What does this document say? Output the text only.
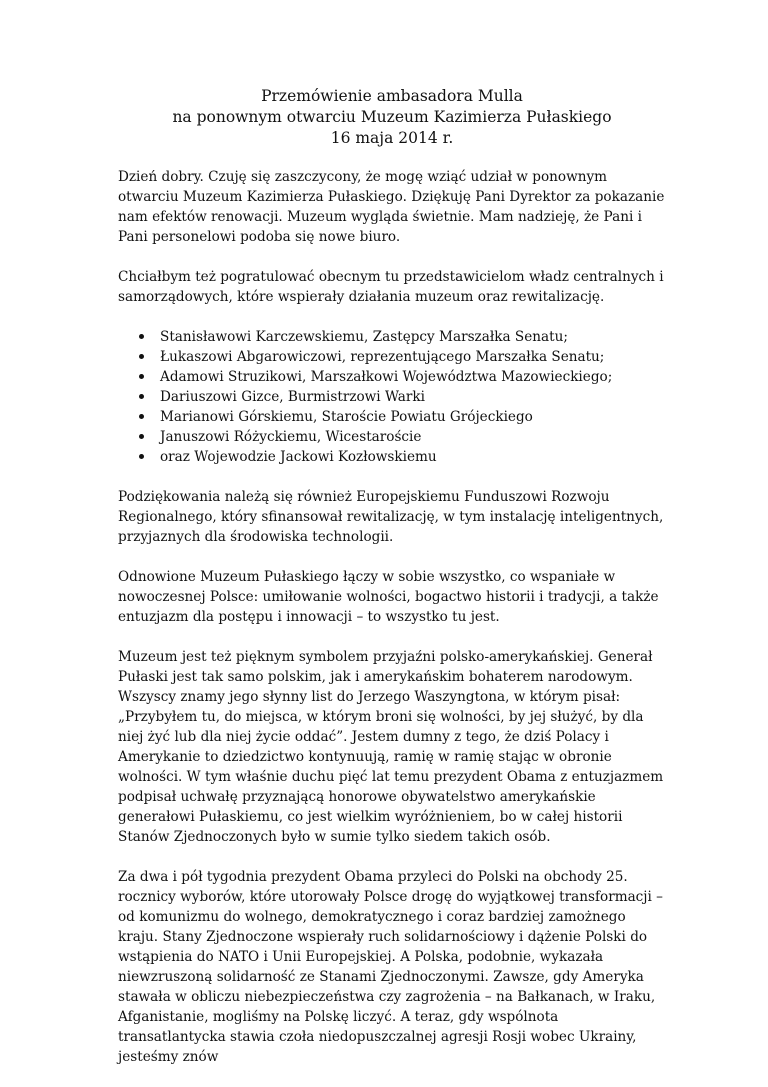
Przemówienie ambasadora Mulla
na ponownym otwarciu Muzeum Kazimierza Pułaskiego
16 maja 2014 r.

Dzień dobry. Czuję się zaszczycony, że mogę wziąć udział w ponownym otwarciu Muzeum Kazimierza Pułaskiego. Dziękuję Pani Dyrektor za pokazanie nam efektów renowacji. Muzeum wygląda świetnie. Mam nadzieję, że Pani i Pani personelowi podoba się nowe biuro.

Chciałbym też pogratulować obecnym tu przedstawicielom władz centralnych i samorządowych, które wspierały działania muzeum oraz rewitalizację.

Stanisławowi Karczewskiemu, Zastępcy Marszałka Senatu;
Łukaszowi Abgarowiczowi, reprezentującego Marszałka Senatu;
Adamowi Struzikowi, Marszałkowi Województwa Mazowieckiego;
Dariuszowi Gizce, Burmistrzowi Warki
Marianowi Górskiemu, Staroście Powiatu Grójeckiego
Januszowi Różyckiemu, Wicestaroście
oraz Wojewodzie Jackowi Kozłowskiemu

Podziękowania należą się również Europejskiemu Funduszowi Rozwoju Regionalnego, który sfinansował rewitalizację, w tym instalację inteligentnych, przyjaznych dla środowiska technologii.

Odnowione Muzeum Pułaskiego łączy w sobie wszystko, co wspaniałe w nowoczesnej Polsce: umiłowanie wolności, bogactwo historii i tradycji, a także entuzjazm dla postępu i innowacji – to wszystko tu jest.

Muzeum jest też pięknym symbolem przyjaźni polsko-amerykańskiej. Generał Pułaski jest tak samo polskim, jak i amerykańskim bohaterem narodowym. Wszyscy znamy jego słynny list do Jerzego Waszyngtona, w którym pisał: „Przybyłem tu, do miejsca, w którym broni się wolności, by jej służyć, by dla niej żyć lub dla niej życie oddać”. Jestem dumny z tego, że dziś Polacy i Amerykanie to dziedzictwo kontynuują, ramię w ramię stając w obronie wolności. W tym właśnie duchu pięć lat temu prezydent Obama z entuzjazmem podpisał uchwałę przyznającą honorowe obywatelstwo amerykańskie generałowi Pułaskiemu, co jest wielkim wyróżnieniem, bo w całej historii Stanów Zjednoczonych było w sumie tylko siedem takich osób.

Za dwa i pół tygodnia prezydent Obama przyleci do Polski na obchody 25. rocznicy wyborów, które utorowały Polsce drogę do wyjątkowej transformacji – od komunizmu do wolnego, demokratycznego i coraz bardziej zamożnego kraju. Stany Zjednoczone wspierały ruch solidarnościowy i dążenie Polski do wstąpienia do NATO i Unii Europejskiej. A Polska, podobnie, wykazała niewzruszoną solidarność ze Stanami Zjednoczonymi. Zawsze, gdy Ameryka stawała w obliczu niebezpieczeństwa czy zagrożenia – na Bałkanach, w Iraku, Afganistanie, mogliśmy na Polskę liczyć. A teraz, gdy wspólnota transatlantycka stawia czoła niedopuszczalnej agresji Rosji wobec Ukrainy, jesteśmy znów
